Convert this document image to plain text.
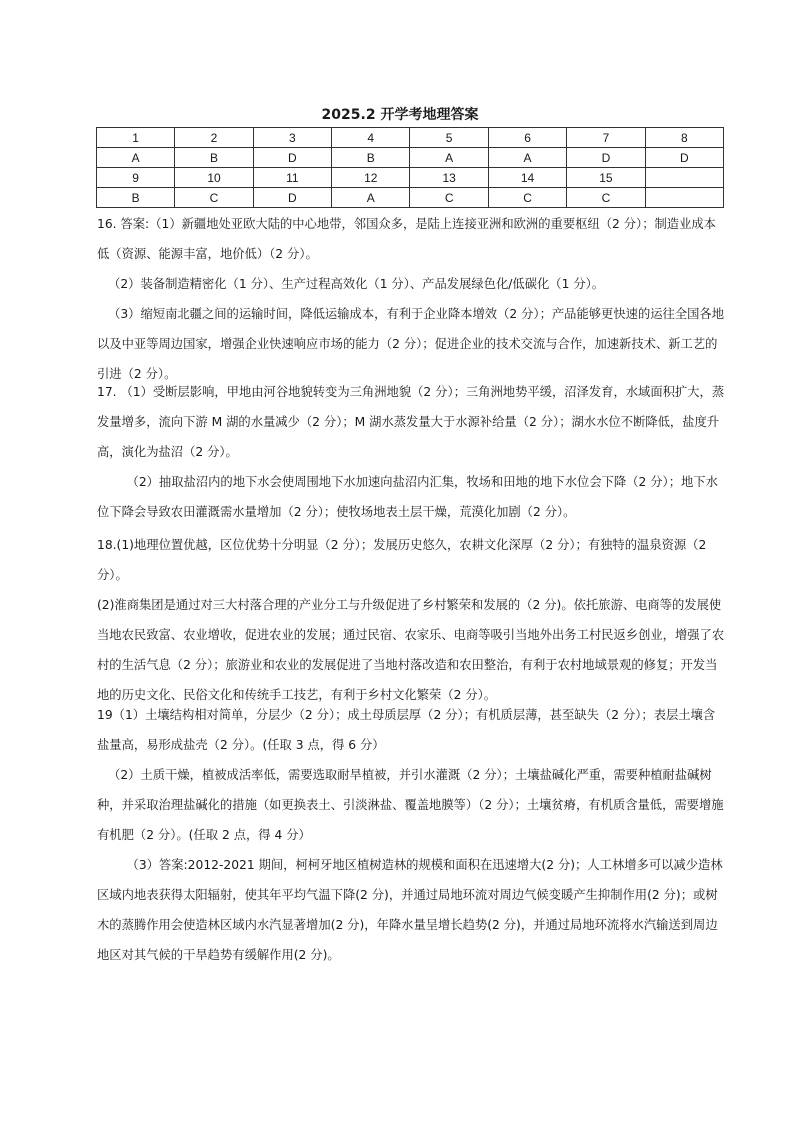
2025.2 开学考地理答案
1	2	3	4	5	6	7	8
A	B	D	B	A	A	D	D
9	10	11	12	13	14	15	
B	C	D	A	C	C	C	

16. 答案:（1）新疆地处亚欧大陆的中心地带，邻国众多，是陆上连接亚洲和欧洲的重要枢纽（2 分）；制造业成本低（资源、能源丰富，地价低）（2 分）。

（2）装备制造精密化（1 分）、生产过程高效化（1 分）、产品发展绿色化/低碳化（1 分）。

（3）缩短南北疆之间的运输时间，降低运输成本，有利于企业降本增效（2 分）；产品能够更快速的运往全国各地以及中亚等周边国家，增强企业快速响应市场的能力（2 分）；促进企业的技术交流与合作，加速新技术、新工艺的引进（2 分）。

17. （1）受断层影响，甲地由河谷地貌转变为三角洲地貌（2 分）；三角洲地势平缓，沼泽发育，水域面积扩大，蒸发量增多，流向下游 M 湖的水量减少（2 分）；M 湖水蒸发量大于水源补给量（2 分）；湖水水位不断降低，盐度升高，演化为盐沼（2 分）。

（2）抽取盐沼内的地下水会使周围地下水加速向盐沼内汇集，牧场和田地的地下水位会下降（2 分）；地下水位下降会导致农田灌溉需水量增加（2 分）；使牧场地表土层干燥，荒漠化加剧（2 分）。

18.(1)地理位置优越，区位优势十分明显（2 分）；发展历史悠久，农耕文化深厚（2 分）；有独特的温泉资源（2 分）。

(2)淮商集团是通过对三大村落合理的产业分工与升级促进了乡村繁荣和发展的（2 分)。依托旅游、电商等的发展使当地农民致富、农业增收，促进农业的发展；通过民宿、农家乐、电商等吸引当地外出务工村民返乡创业，增强了农村的生活气息（2 分）；旅游业和农业的发展促进了当地村落改造和农田整治，有利于农村地域景观的修复；开发当地的历史文化、民俗文化和传统手工技艺，有利于乡村文化繁荣（2 分）。

19（1）土壤结构相对简单，分层少（2 分）；成土母质层厚（2 分）；有机质层薄，甚至缺失（2 分）；表层土壤含盐量高，易形成盐壳（2 分）。(任取 3 点，得 6 分）

（2）土质干燥，植被成活率低，需要选取耐旱植被，并引水灌溉（2 分）；土壤盐碱化严重，需要种植耐盐碱树种，并采取治理盐碱化的措施（如更换表土、引淡淋盐、覆盖地膜等）（2 分）；土壤贫瘠，有机质含量低，需要增施有机肥（2 分）。(任取 2 点，得 4 分）

（3）答案:2012-2021 期间，柯柯牙地区植树造林的规模和面积在迅速增大(2 分)；人工林增多可以减少造林区域内地表获得太阳辐射，使其年平均气温下降(2 分)，并通过局地环流对周边气候变暖产生抑制作用(2 分)；或树木的蒸腾作用会使造林区域内水汽显著增加(2 分)，年降水量呈增长趋势(2 分)，并通过局地环流将水汽输送到周边地区对其气候的干旱趋势有缓解作用(2 分)。
